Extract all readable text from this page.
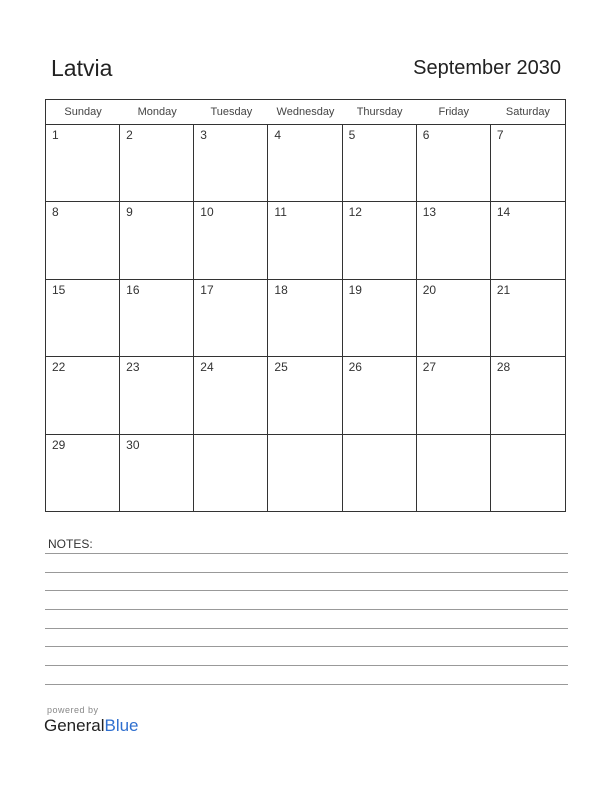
Latvia	September 2030
Sunday	Monday	Tuesday	Wednesday	Thursday	Friday	Saturday
1	2	3	4	5	6	7
8	9	10	11	12	13	14
15	16	17	18	19	20	21
22	23	24	25	26	27	28
29	30
NOTES:
powered by
GeneralBlue
